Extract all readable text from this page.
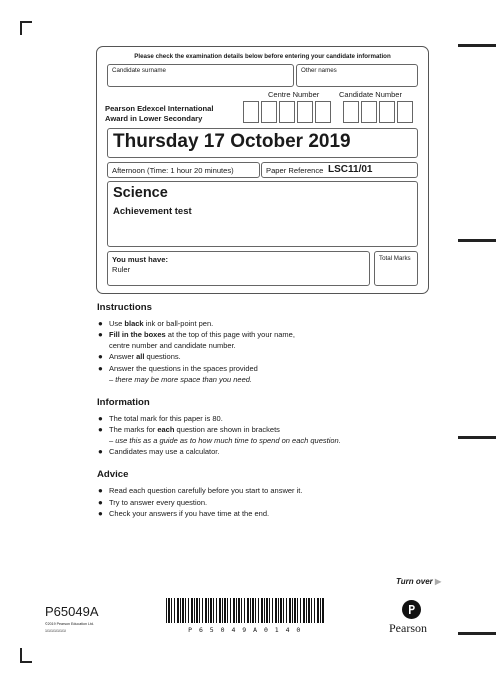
Please check the examination details below before entering your candidate information
Candidate surname	Other names
Centre Number	Candidate Number
Pearson Edexcel International
Award in Lower Secondary
Thursday 17 October 2019
Afternoon (Time: 1 hour 20 minutes)	Paper Reference LSC11/01
Science
Achievement test
You must have:
Ruler
Total Marks
Instructions
● Use black ink or ball-point pen.
● Fill in the boxes at the top of this page with your name,
centre number and candidate number.
● Answer all questions.
● Answer the questions in the spaces provided
– there may be more space than you need.
Information
● The total mark for this paper is 80.
● The marks for each question are shown in brackets
– use this as a guide as to how much time to spend on each question.
● Candidates may use a calculator.
Advice
● Read each question carefully before you start to answer it.
● Try to answer every question.
● Check your answers if you have time at the end.
Turn over ▶
P65049A
©2019 Pearson Education Ltd.
1/1/1/1/1/1/1/	P 6 5 0 4 9 A 0 1 4 0	Pearson
